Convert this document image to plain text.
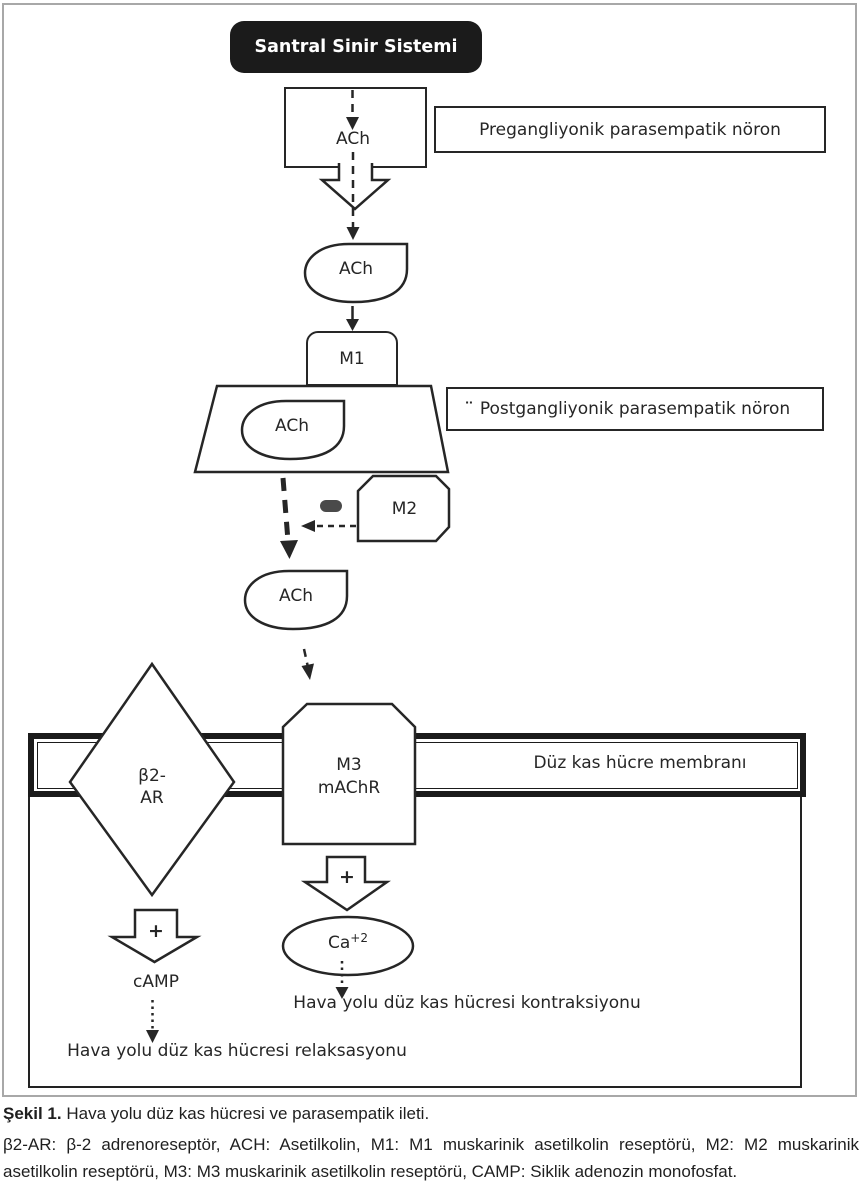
Santral Sinir Sistemi
Pregangliyonik parasempatik nöron
M1
Postgangliyonik parasempatik nöron
ACh
ACh
ACh
¨
M2
ACh
β2-
AR
M3
mAChR
Düz kas hücre membranı
+
+
cAMP
$Ca^{+2}$
Hava yolu düz kas hücresi kontraksiyonu
Hava yolu düz kas hücresi relaksasyonu

Şekil 1. Hava yolu düz kas hücresi ve parasempatik ileti.

β2-AR: β-2 adrenoreseptör, ACH: Asetilkolin, M1: M1 muskarinik asetilkolin reseptörü, M2: M2 muskarinik asetilkolin reseptörü, M3: M3 muskarinik asetilkolin reseptörü, CAMP: Siklik adenozin monofosfat.
